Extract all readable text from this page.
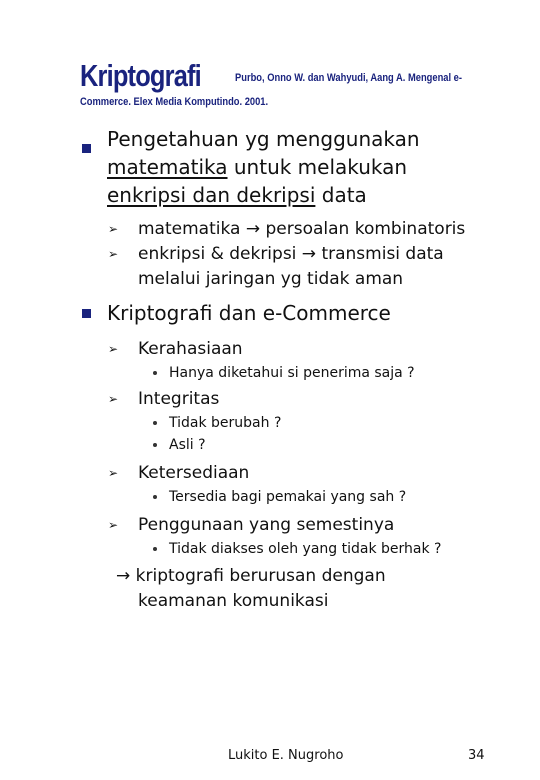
Kriptografi	Purbo, Onno W. dan Wahyudi, Aang A. Mengenal e-
Commerce. Elex Media Komputindo. 2001.
Pengetahuan yg menggunakan
matematika untuk melakukan
enkripsi dan dekripsi data
➢ matematika → persoalan kombinatoris
➢ enkripsi & dekripsi → transmisi data
melalui jaringan yg tidak aman
Kriptografi dan e-Commerce
➢ Kerahasiaan
Hanya diketahui si penerima saja ?
➢ Integritas
Tidak berubah ?
Asli ?
➢ Ketersediaan
Tersedia bagi pemakai yang sah ?
➢ Penggunaan yang semestinya
Tidak diakses oleh yang tidak berhak ?
→ kriptografi berurusan dengan
keamanan komunikasi
Lukito E. Nugroho	34
